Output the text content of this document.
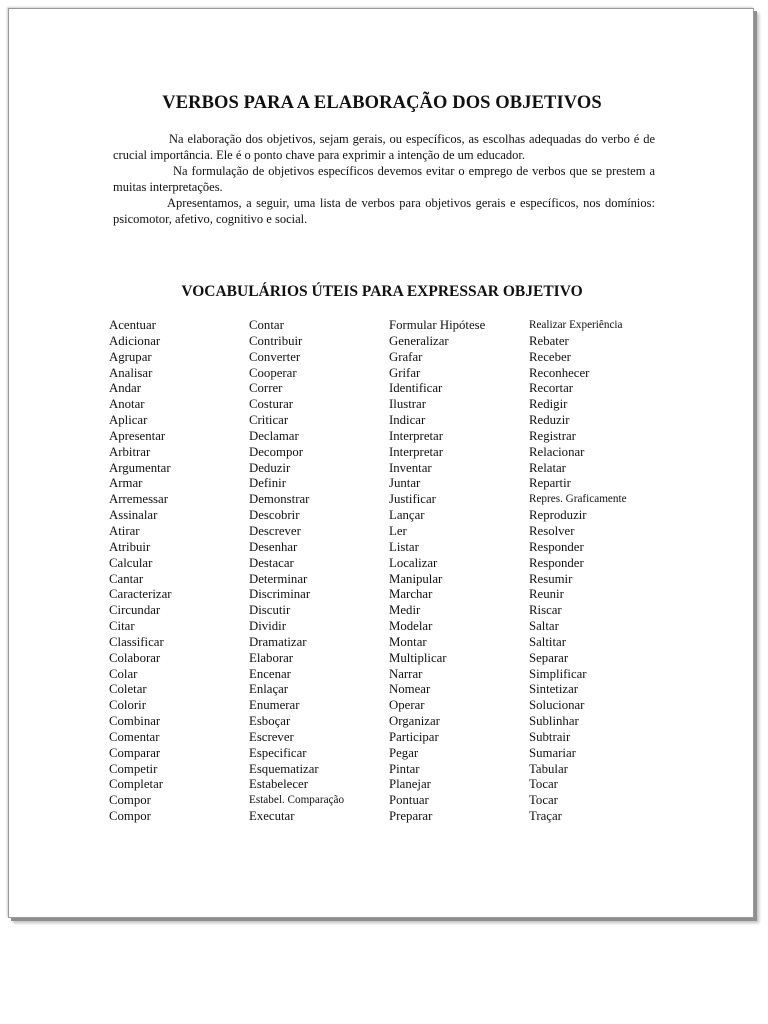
VERBOS PARA A ELABORAÇÃO DOS OBJETIVOS

Na elaboração dos objetivos, sejam gerais, ou específicos, as escolhas adequadas do verbo é de crucial importância. Ele é o ponto chave para exprimir a intenção de um educador.

Na formulação de objetivos específicos devemos evitar o emprego de verbos que se prestem a muitas interpretações.

Apresentamos, a seguir, uma lista de verbos para objetivos gerais e específicos, nos domínios: psicomotor, afetivo, cognitivo e social.

VOCABULÁRIOS ÚTEIS PARA EXPRESSAR OBJETIVO
Acentuar
Adicionar
Agrupar
Analisar
Andar
Anotar
Aplicar
Apresentar
Arbitrar
Argumentar
Armar
Arremessar
Assinalar
Atirar
Atribuir
Calcular
Cantar
Caracterizar
Circundar
Citar
Classificar
Colaborar
Colar
Coletar
Colorir
Combinar
Comentar
Comparar
Competir
Completar
Compor
Compor
Contar
Contribuir
Converter
Cooperar
Correr
Costurar
Criticar
Declamar
Decompor
Deduzir
Definir
Demonstrar
Descobrir
Descrever
Desenhar
Destacar
Determinar
Discriminar
Discutir
Dividir
Dramatizar
Elaborar
Encenar
Enlaçar
Enumerar
Esboçar
Escrever
Especificar
Esquematizar
Estabelecer
Estabel. Comparação
Executar
Formular Hipótese
Generalizar
Grafar
Grifar
Identificar
Ilustrar
Indicar
Interpretar
Interpretar
Inventar
Juntar
Justificar
Lançar
Ler
Listar
Localizar
Manipular
Marchar
Medir
Modelar
Montar
Multiplicar
Narrar
Nomear
Operar
Organizar
Participar
Pegar
Pintar
Planejar
Pontuar
Preparar
Realizar Experiência
Rebater
Receber
Reconhecer
Recortar
Redigir
Reduzir
Registrar
Relacionar
Relatar
Repartir
Repres. Graficamente
Reproduzir
Resolver
Responder
Responder
Resumir
Reunir
Riscar
Saltar
Saltitar
Separar
Simplificar
Sintetizar
Solucionar
Sublinhar
Subtrair
Sumariar
Tabular
Tocar
Tocar
Traçar
